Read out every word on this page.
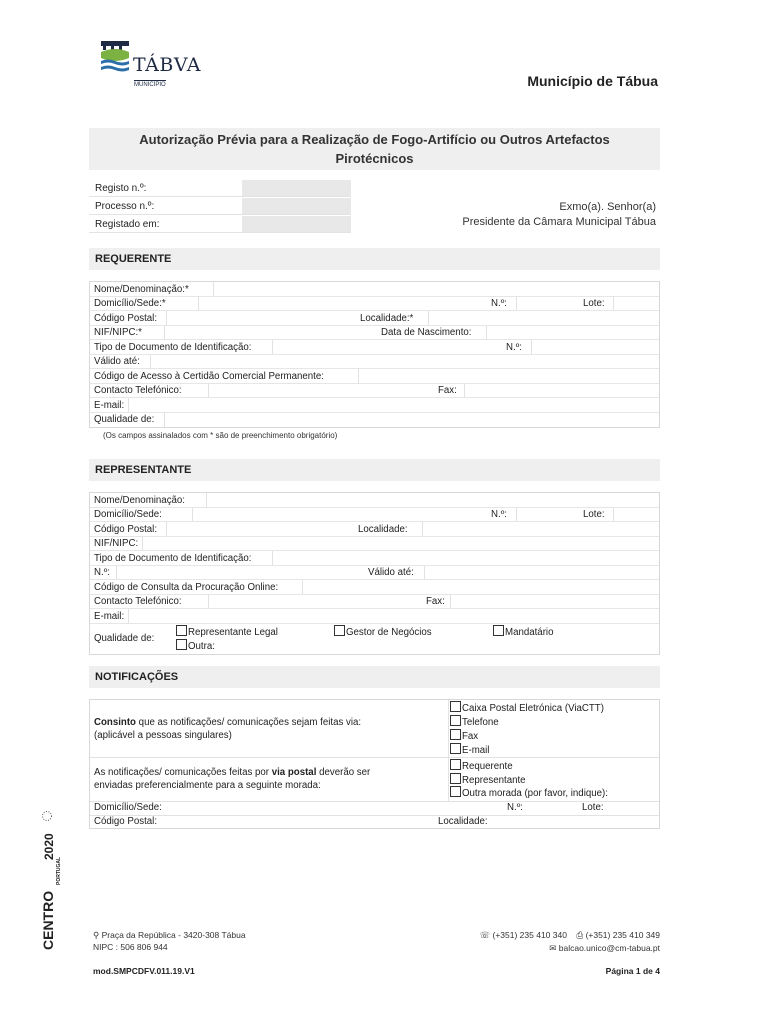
TÁBVA
MUNICÍPIO	Município de Tábua
Autorização Prévia para a Realização de Fogo-Artifício ou Outros Artefactos
Pirotécnicos
Registo n.º:
Processo n.º:
Registado em:
Exmo(a). Senhor(a)
Presidente da Câmara Municipal Tábua
REQUERENTE
Nome/Denominação:*
Domicílio/Sede:*	N.º:	Lote:
Código Postal:	Localidade:*
NIF/NIPC:*	Data de Nascimento:
Tipo de Documento de Identificação:	N.º:
Válido até:
Código de Acesso à Certidão Comercial Permanente:
Contacto Telefónico:	Fax:
E-mail:
Qualidade de:
(Os campos assinalados com * são de preenchimento obrigatório)
REPRESENTANTE
Nome/Denominação:
Domicílio/Sede:	N.º:	Lote:
Código Postal:	Localidade:
NIF/NIPC:
Tipo de Documento de Identificação:
N.º:	Válido até:
Código de Consulta da Procuração Online:
Contacto Telefónico:	Fax:
E-mail:
Qualidade de:
Representante Legal	Gestor de Negócios	Mandatário
Outra:
NOTIFICAÇÕES
Consinto que as notificações/ comunicações sejam feitas via:
(aplicável a pessoas singulares)
Caixa Postal Eletrónica (ViaCTT)
Telefone
Fax
E-mail
As notificações/ comunicações feitas por via postal deverão ser
enviadas preferencialmente para a seguinte morada:
Requerente
Representante
Outra morada (por favor, indique):
Domicílio/Sede:	N.º:	Lote:
Código Postal:	Localidade:
CENTRO
2020
PORTUGAL
⚲ Praça da República - 3420-308 Tábua
NIPC : 506 806 944
☏ (+351) 235 410 340 ⎙ (+351) 235 410 349
✉ balcao.unico@cm-tabua.pt
mod.SMPCDFV.011.19.V1	Página 1 de 4
